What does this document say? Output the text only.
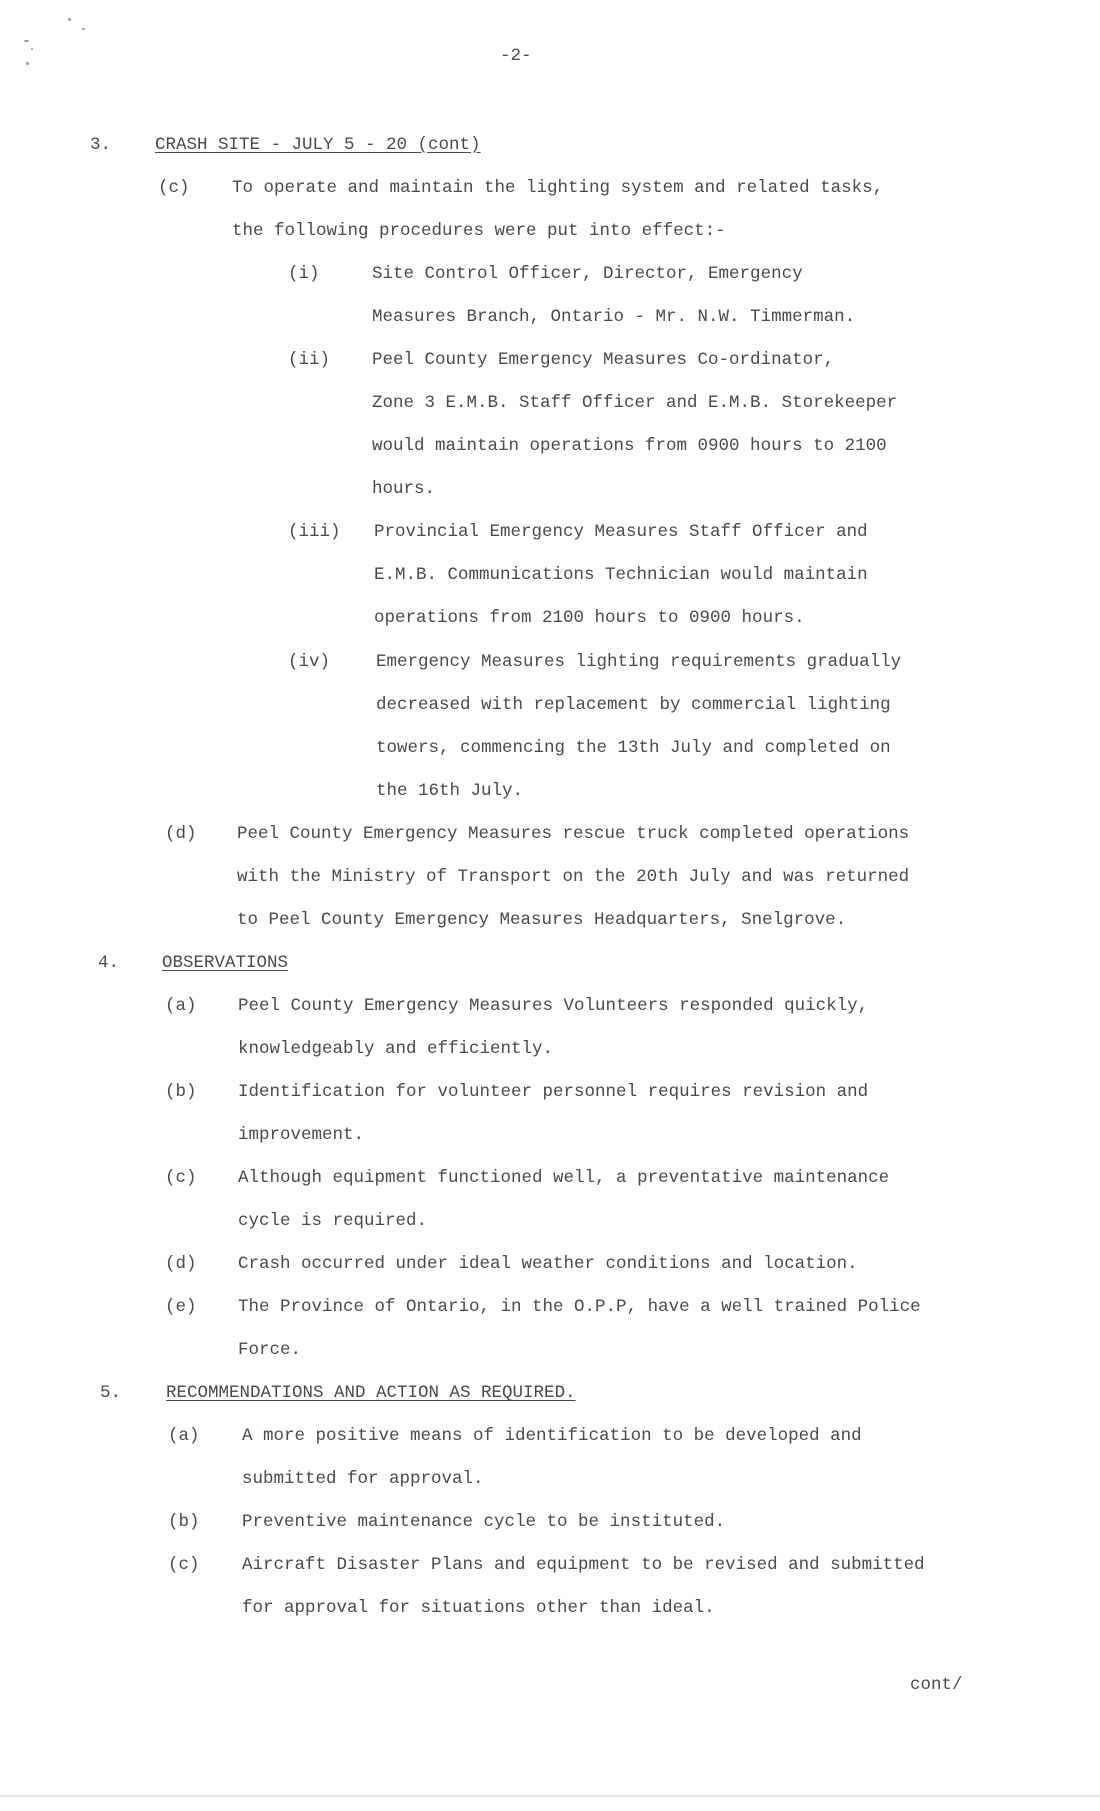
-2-
3.	CRASH SITE - JULY 5 - 20 (cont)
(c) To operate and maintain the lighting system and related tasks,
the following procedures were put into effect:-
(i)	Site Control Officer, Director, Emergency
Measures Branch, Ontario - Mr. N.W. Timmerman.
(ii) Peel County Emergency Measures Co-ordinator,
Zone 3 E.M.B. Staff Officer and E.M.B. Storekeeper
would maintain operations from 0900 hours to 2100
hours.
(iii) Provincial Emergency Measures Staff Officer and
E.M.B. Communications Technician would maintain
operations from 2100 hours to 0900 hours.
(iv)	Emergency Measures lighting requirements gradually
decreased with replacement by commercial lighting
towers, commencing the 13th July and completed on
the 16th July.
(d) Peel County Emergency Measures rescue truck completed operations
with the Ministry of Transport on the 20th July and was returned
to Peel County Emergency Measures Headquarters, Snelgrove.
4. OBSERVATIONS
(a) Peel County Emergency Measures Volunteers responded quickly,
knowledgeably and efficiently.
(b) Identification for volunteer personnel requires revision and
improvement.
(c) Although equipment functioned well, a preventative maintenance
cycle is required.
(d) Crash occurred under ideal weather conditions and location.
(e) The Province of Ontario, in the O.P.P, have a well trained Police
Force.
5.	RECOMMENDATIONS AND ACTION AS REQUIRED.
(a) A more positive means of identification to be developed and
submitted for approval.
(b) Preventive maintenance cycle to be instituted.
(c) Aircraft Disaster Plans and equipment to be revised and submitted
for approval for situations other than ideal.
cont/
